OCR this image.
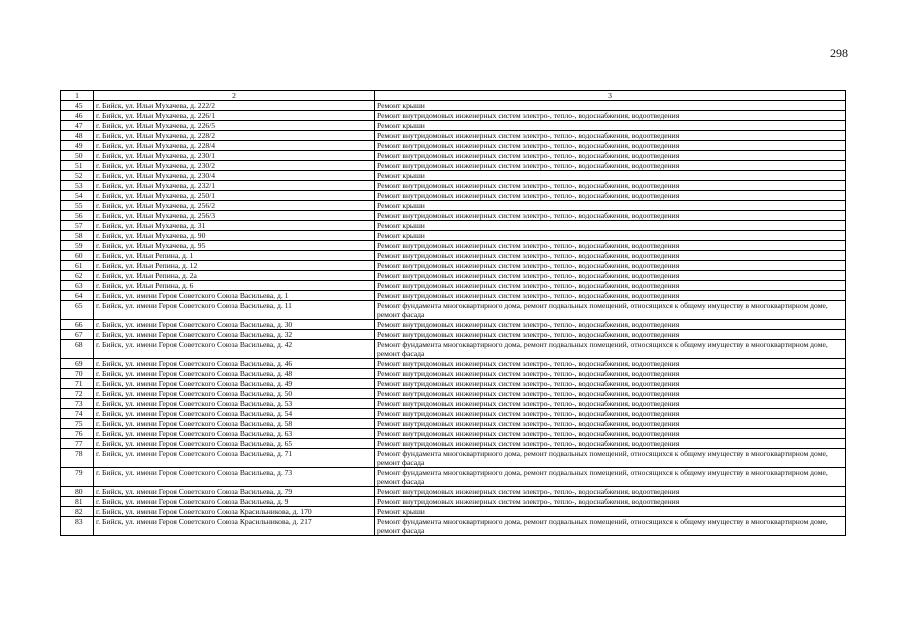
298
1	2	3
45	г. Бийск, ул. Ильи Мухачева, д. 222/2	Ремонт крыши
46	г. Бийск, ул. Ильи Мухачева, д. 226/1	Ремонт внутридомовых инженерных систем электро-, тепло-, водоснабжения, водоотведения
47	г. Бийск, ул. Ильи Мухачева, д. 226/5	Ремонт крыши
48	г. Бийск, ул. Ильи Мухачева, д. 228/2	Ремонт внутридомовых инженерных систем электро-, тепло-, водоснабжения, водоотведения
49	г. Бийск, ул. Ильи Мухачева, д. 228/4	Ремонт внутридомовых инженерных систем электро-, тепло-, водоснабжения, водоотведения
50	г. Бийск, ул. Ильи Мухачева, д. 230/1	Ремонт внутридомовых инженерных систем электро-, тепло-, водоснабжения, водоотведения
51	г. Бийск, ул. Ильи Мухачева, д. 230/2	Ремонт внутридомовых инженерных систем электро-, тепло-, водоснабжения, водоотведения
52	г. Бийск, ул. Ильи Мухачева, д. 230/4	Ремонт крыши
53	г. Бийск, ул. Ильи Мухачева, д. 232/1	Ремонт внутридомовых инженерных систем электро-, тепло-, водоснабжения, водоотведения
54	г. Бийск, ул. Ильи Мухачева, д. 250/1	Ремонт внутридомовых инженерных систем электро-, тепло-, водоснабжения, водоотведения
55	г. Бийск, ул. Ильи Мухачева, д. 256/2	Ремонт крыши
56	г. Бийск, ул. Ильи Мухачева, д. 256/3	Ремонт внутридомовых инженерных систем электро-, тепло-, водоснабжения, водоотведения
57	г. Бийск, ул. Ильи Мухачева, д. 31	Ремонт крыши
58	г. Бийск, ул. Ильи Мухачева, д. 90	Ремонт крыши
59	г. Бийск, ул. Ильи Мухачева, д. 95	Ремонт внутридомовых инженерных систем электро-, тепло-, водоснабжения, водоотведения
60	г. Бийск, ул. Ильи Репина, д. 1	Ремонт внутридомовых инженерных систем электро-, тепло-, водоснабжения, водоотведения
61	г. Бийск, ул. Ильи Репина, д. 12	Ремонт внутридомовых инженерных систем электро-, тепло-, водоснабжения, водоотведения
62	г. Бийск, ул. Ильи Репина, д. 2а	Ремонт внутридомовых инженерных систем электро-, тепло-, водоснабжения, водоотведения
63	г. Бийск, ул. Ильи Репина, д. 6	Ремонт внутридомовых инженерных систем электро-, тепло-, водоснабжения, водоотведения
64	г. Бийск, ул. имени Героя Советского Союза Васильева, д. 1	Ремонт внутридомовых инженерных систем электро-, тепло-, водоснабжения, водоотведения
65	г. Бийск, ул. имени Героя Советского Союза Васильева, д. 11	Ремонт фундамента многоквартирного дома, ремонт подвальных помещений, относящихся к общему имуществу в многоквартирном доме, ремонт фасада
66	г. Бийск, ул. имени Героя Советского Союза Васильева, д. 30	Ремонт внутридомовых инженерных систем электро-, тепло-, водоснабжения, водоотведения
67	г. Бийск, ул. имени Героя Советского Союза Васильева, д. 32	Ремонт внутридомовых инженерных систем электро-, тепло-, водоснабжения, водоотведения
68	г. Бийск, ул. имени Героя Советского Союза Васильева, д. 42	Ремонт фундамента многоквартирного дома, ремонт подвальных помещений, относящихся к общему имуществу в многоквартирном доме, ремонт фасада
69	г. Бийск, ул. имени Героя Советского Союза Васильева, д. 46	Ремонт внутридомовых инженерных систем электро-, тепло-, водоснабжения, водоотведения
70	г. Бийск, ул. имени Героя Советского Союза Васильева, д. 48	Ремонт внутридомовых инженерных систем электро-, тепло-, водоснабжения, водоотведения
71	г. Бийск, ул. имени Героя Советского Союза Васильева, д. 49	Ремонт внутридомовых инженерных систем электро-, тепло-, водоснабжения, водоотведения
72	г. Бийск, ул. имени Героя Советского Союза Васильева, д. 50	Ремонт внутридомовых инженерных систем электро-, тепло-, водоснабжения, водоотведения
73	г. Бийск, ул. имени Героя Советского Союза Васильева, д. 53	Ремонт внутридомовых инженерных систем электро-, тепло-, водоснабжения, водоотведения
74	г. Бийск, ул. имени Героя Советского Союза Васильева, д. 54	Ремонт внутридомовых инженерных систем электро-, тепло-, водоснабжения, водоотведения
75	г. Бийск, ул. имени Героя Советского Союза Васильева, д. 58	Ремонт внутридомовых инженерных систем электро-, тепло-, водоснабжения, водоотведения
76	г. Бийск, ул. имени Героя Советского Союза Васильева, д. 63	Ремонт внутридомовых инженерных систем электро-, тепло-, водоснабжения, водоотведения
77	г. Бийск, ул. имени Героя Советского Союза Васильева, д. 65	Ремонт внутридомовых инженерных систем электро-, тепло-, водоснабжения, водоотведения
78	г. Бийск, ул. имени Героя Советского Союза Васильева, д. 71	Ремонт фундамента многоквартирного дома, ремонт подвальных помещений, относящихся к общему имуществу в многоквартирном доме, ремонт фасада
79	г. Бийск, ул. имени Героя Советского Союза Васильева, д. 73	Ремонт фундамента многоквартирного дома, ремонт подвальных помещений, относящихся к общему имуществу в многоквартирном доме, ремонт фасада
80	г. Бийск, ул. имени Героя Советского Союза Васильева, д. 79	Ремонт внутридомовых инженерных систем электро-, тепло-, водоснабжения, водоотведения
81	г. Бийск, ул. имени Героя Советского Союза Васильева, д. 9	Ремонт внутридомовых инженерных систем электро-, тепло-, водоснабжения, водоотведения
82	г. Бийск, ул. имени Героя Советского Союза Красильникова, д. 170	Ремонт крыши
83	г. Бийск, ул. имени Героя Советского Союза Красильникова, д. 217	Ремонт фундамента многоквартирного дома, ремонт подвальных помещений, относящихся к общему имуществу в многоквартирном доме, ремонт фасада
